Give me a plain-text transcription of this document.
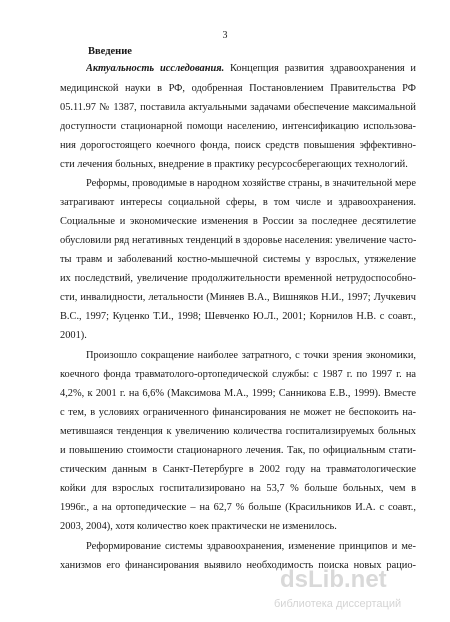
3
Введение
Актуальность исследования. Концепция развития здравоохранения и
медицинской науки в РФ, одобренная Постановлением Правительства РФ
05.11.97 № 1387, поставила актуальными задачами обеспечение максимальной
доступности стационарной помощи населению, интенсификацию использова-
ния дорогостоящего коечного фонда, поиск средств повышения эффективно-
сти лечения больных, внедрение в практику ресурсосберегающих технологий.
Реформы, проводимые в народном хозяйстве страны, в значительной мере
затрагивают интересы социальной сферы, в том числе и здравоохранения.
Социальные и экономические изменения в России за последнее десятилетие
обусловили ряд негативных тенденций в здоровье населения: увеличение часто-
ты травм и заболеваний костно-мышечной системы у взрослых, утяжеление
их последствий, увеличение продолжительности временной нетрудоспособно-
сти, инвалидности, летальности (Миняев В.А., Вишняков Н.И., 1997; Лучкевич
В.С., 1997; Куценко Т.И., 1998; Шевченко Ю.Л., 2001; Корнилов Н.В. с соавт.,
2001).
Произошло сокращение наиболее затратного, с точки зрения экономики,
коечного фонда травматолого-ортопедической службы: с 1987 г. по 1997 г. на
4,2%, к 2001 г. на 6,6% (Максимова М.А., 1999; Санникова Е.В., 1999). Вместе
с тем, в условиях ограниченного финансирования не может не беспокоить на-
метившаяся тенденция к увеличению количества госпитализируемых больных
и повышению стоимости стационарного лечения. Так, по официальным стати-
стическим данным в Санкт-Петербурге в 2002 году на травматологические
койки для взрослых госпитализировано на 53,7 % больше больных, чем в
1996г., а на ортопедические – на 62,7 % больше (Красильников И.А. с соавт.,
2003, 2004), хотя количество коек практически не изменилось.
Реформирование системы здравоохранения, изменение принципов и ме-
ханизмов его финансирования выявило необходимость поиска новых рацио-
dsLib.net
библиотека диссертаций
